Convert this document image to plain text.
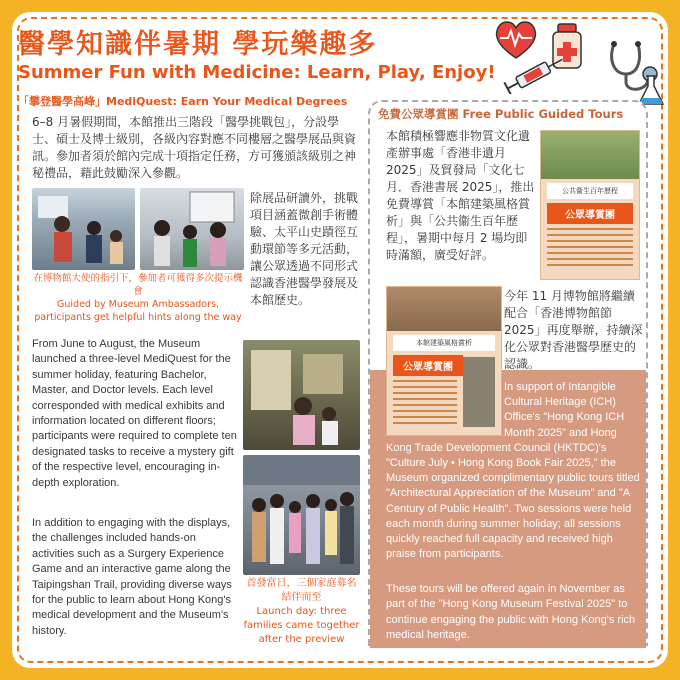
醫學知識伴暑期 學玩樂趣多
Summer Fun with Medicine: Learn, Play, Enjoy!
「攀登醫學高峰」MediQuest: Earn Your Medical Degrees
6–8 月暑假期間，本館推出三階段「醫學挑戰包」，分設學士、碩士及博士級別，各級內容對應不同樓層之醫學展品與資訊。參加者須於館內完成十項指定任務，方可獲頒該級別之神秘禮品，藉此鼓勵深入參觀。
除展品研讀外，挑戰項目涵蓋微創手術體驗、太平山史蹟徑互動環節等多元活動，讓公眾透過不同形式認識香港醫學發展及本館歷史。
在博物館大使的指引下，參加者可獲得多次提示機會
Guided by Museum Ambassadors, participants get helpful hints along the way
From June to August, the Museum launched a three-level MediQuest for the summer holiday, featuring Bachelor, Master, and Doctor levels. Each level corresponded with medical exhibits and information located on different floors; participants were required to complete ten designated tasks to receive a mystery gift of the respective level, encouraging in-depth exploration.
In addition to engaging with the displays, the challenges included hands-on activities such as a Surgery Experience Game and an interactive game along the Taipingshan Trail, providing diverse ways for the public to learn about Hong Kong's medical development and the Museum's history.
首發當日，三個家庭募名結伴而至
Launch day: three families came together after the preview
免費公眾導賞團 Free Public Guided Tours
本館積極響應非物質文化遺產辦事處「香港非遺月 2025」及貿發局「文化七月．香港書展 2025」，推出免費導賞「本館建築風格賞析」與「公共衞生百年歷程」，暑期中每月 2 場均即時滿額，廣受好評。
公共衞生百年歷程
公眾導賞團
本館建築風格賞析
公眾導賞團
今年 11 月博物館將繼續配合「香港博物館節 2025」再度舉辦，持續深化公眾對香港醫學歷史的認識。
In support of Intangible Cultural Heritage (ICH) Office's "Hong Kong ICH Month 2025" and Hong Kong Trade Development Council (HKTDC)'s "Culture July • Hong Kong Book Fair 2025," the Museum organized complimentary public tours titled "Architectural Appreciation of the Museum" and "A Century of Public Health". Two sessions were held each month during summer holiday; all sessions quickly reached full capacity and received high praise from participants.
These tours will be offered again in November as part of the "Hong Kong Museum Festival 2025" to continue engaging the public with Hong Kong's rich medical heritage.
